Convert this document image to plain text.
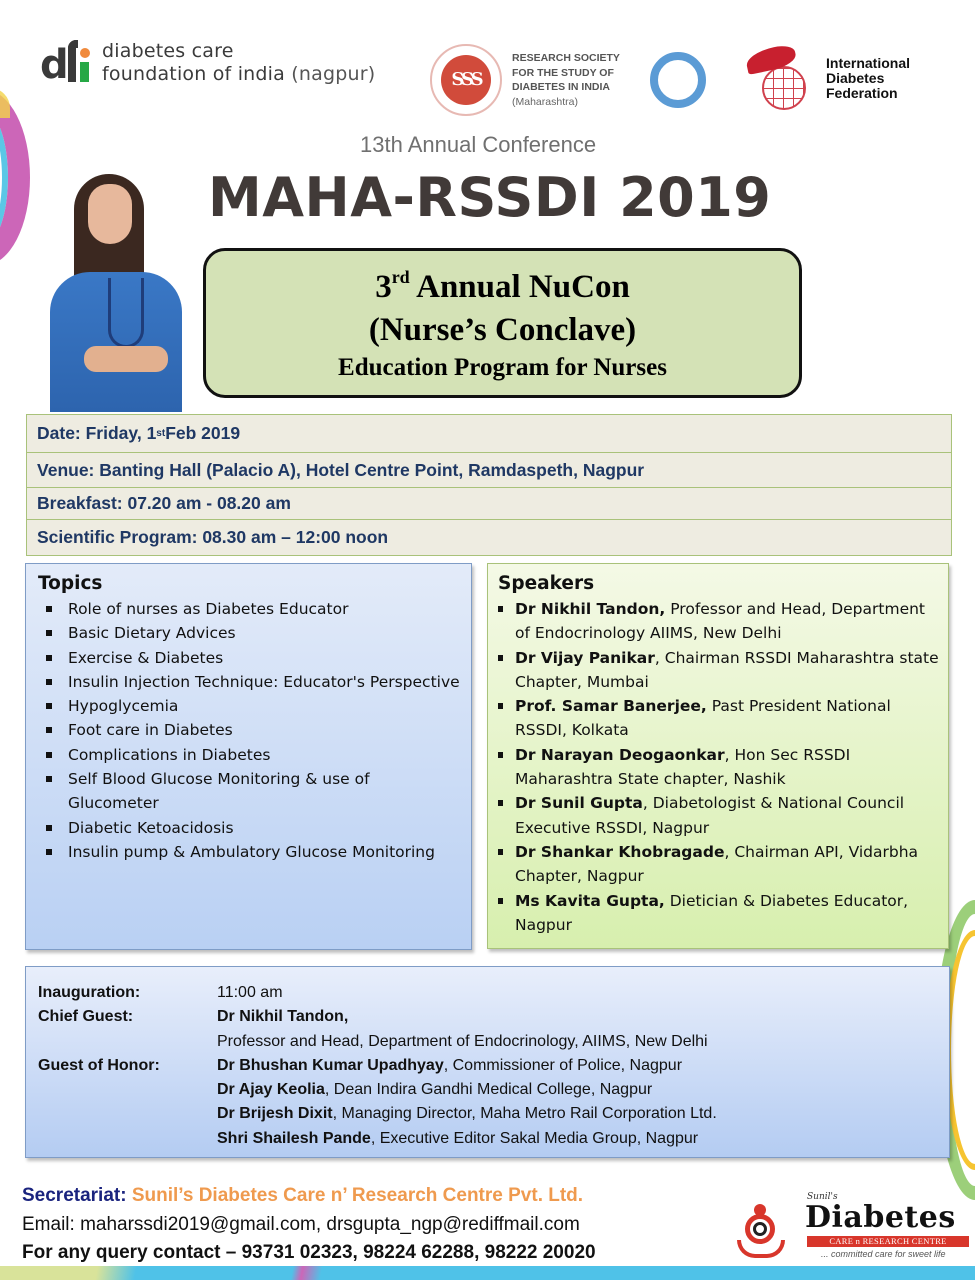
d diabetes care
foundation of india (nagpur)	SSS
RESEARCH SOCIETY
FOR THE STUDY OF
DIABETES IN INDIA
(Maharashtra)
International
Diabetes
Federation
13th Annual Conference
MAHA-RSSDI 2019
3rd Annual NuCon
(Nurse’s Conclave)
Education Program for Nurses
Date: Friday, 1 st Feb 2019
Venue: Banting Hall (Palacio A), Hotel Centre Point, Ramdaspeth, Nagpur
Breakfast: 07.20 am - 08.20 am
Scientific Program: 08.30 am – 12:00 noon
Topics
Role of nurses as Diabetes Educator
Basic Dietary Advices
Exercise & Diabetes
Insulin Injection Technique: Educator's Perspective
Hypoglycemia
Foot care in Diabetes
Complications in Diabetes
Self Blood Glucose Monitoring & use of Glucometer
Diabetic Ketoacidosis
Insulin pump & Ambulatory Glucose Monitoring
Speakers
Dr Nikhil Tandon, Professor and Head, Department of Endocrinology AIIMS, New Delhi
Dr Vijay Panikar, Chairman RSSDI Maharashtra state Chapter, Mumbai
Prof. Samar Banerjee, Past President National RSSDI, Kolkata
Dr Narayan Deogaonkar, Hon Sec RSSDI Maharashtra State chapter, Nashik
Dr Sunil Gupta, Diabetologist & National Council Executive RSSDI, Nagpur
Dr Shankar Khobragade, Chairman API, Vidarbha Chapter, Nagpur
Ms Kavita Gupta, Dietician & Diabetes Educator, Nagpur
Inauguration:	11:00 am
Chief Guest:	Dr Nikhil Tandon,
Professor and Head, Department of Endocrinology, AIIMS, New Delhi
Guest of Honor:	Dr Bhushan Kumar Upadhyay, Commissioner of Police, Nagpur
Dr Ajay Keolia, Dean Indira Gandhi Medical College, Nagpur
Dr Brijesh Dixit, Managing Director, Maha Metro Rail Corporation Ltd.
Shri Shailesh Pande, Executive Editor Sakal Media Group, Nagpur
Secretariat: Sunil’s Diabetes Care n’ Research Centre Pvt. Ltd.
Email: maharssdi2019@gmail.com, drsgupta_ngp@rediffmail.com
For any query contact – 93731 02323, 98224 62288, 98222 20020
Sunil's
Diabetes
CARE n RESEARCH CENTRE
... committed care for sweet life
